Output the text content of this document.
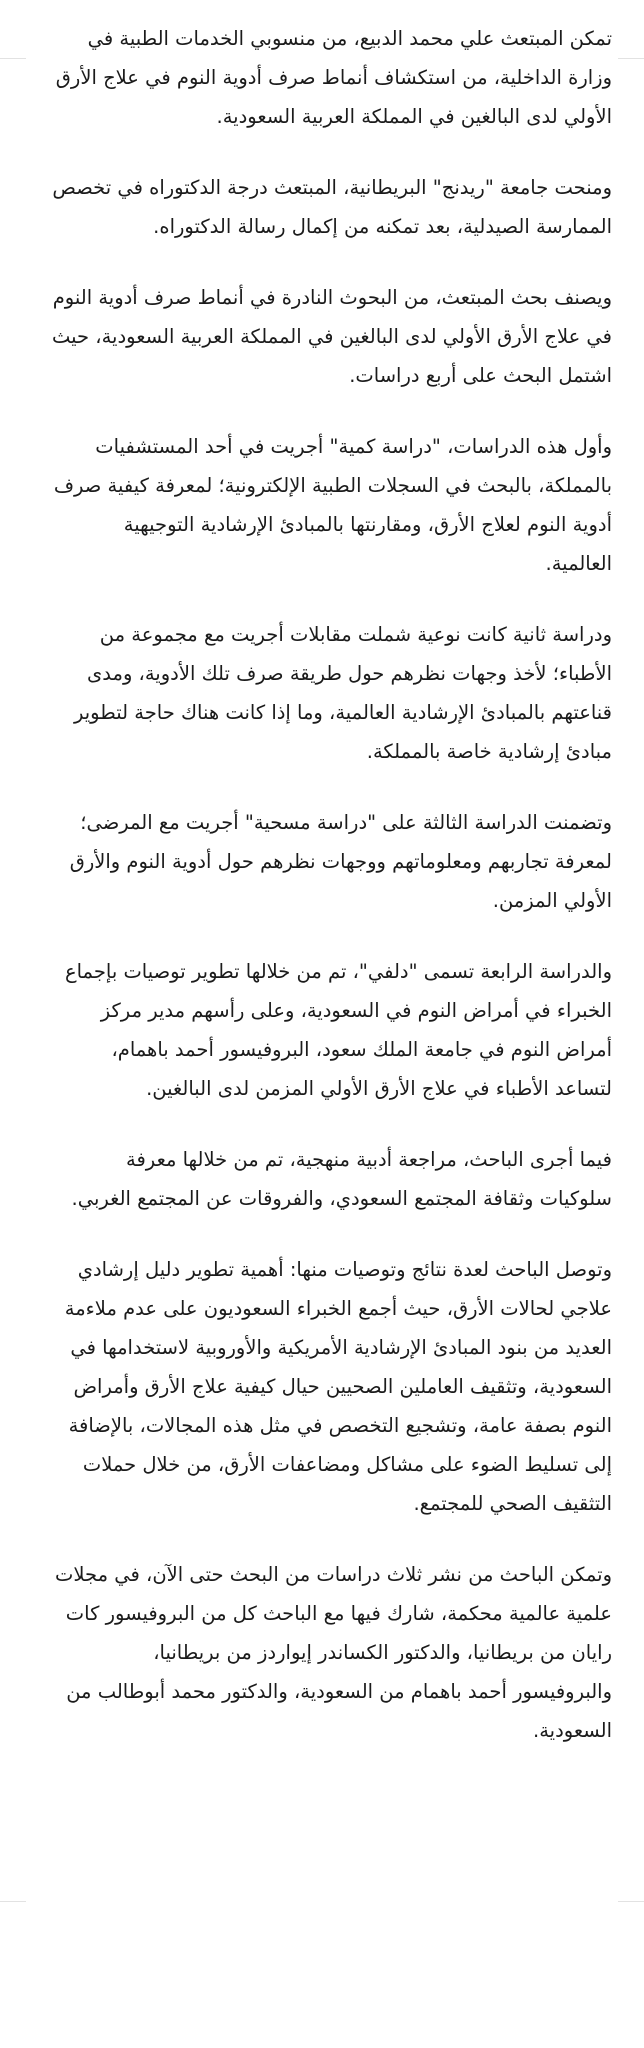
تمكن المبتعث علي محمد الدبيع، من منسوبي الخدمات الطبية في وزارة الداخلية، من استكشاف أنماط صرف أدوية النوم في علاج الأرق الأولي لدى البالغين في المملكة العربية السعودية.

ومنحت جامعة "ريدنج" البريطانية، المبتعث درجة الدكتوراه في تخصص الممارسة الصيدلية، بعد تمكنه من إكمال رسالة الدكتوراه.

ويصنف بحث المبتعث، من البحوث النادرة في أنماط صرف أدوية النوم في علاج الأرق الأولي لدى البالغين في المملكة العربية السعودية، حيث اشتمل البحث على أربع دراسات.

وأول هذه الدراسات، "دراسة كمية" أجريت في أحد المستشفيات بالمملكة، بالبحث في السجلات الطبية الإلكترونية؛ لمعرفة كيفية صرف أدوية النوم لعلاج الأرق، ومقارنتها بالمبادئ الإرشادية التوجيهية العالمية.

ودراسة ثانية كانت نوعية شملت مقابلات أجريت مع مجموعة من الأطباء؛ لأخذ وجهات نظرهم حول طريقة صرف تلك الأدوية، ومدى قناعتهم بالمبادئ الإرشادية العالمية، وما إذا كانت هناك حاجة لتطوير مبادئ إرشادية خاصة بالمملكة.

وتضمنت الدراسة الثالثة على "دراسة مسحية" أجريت مع المرضى؛ لمعرفة تجاربهم ومعلوماتهم ووجهات نظرهم حول أدوية النوم والأرق الأولي المزمن.

والدراسة الرابعة تسمى "دلفي"، تم من خلالها تطوير توصيات بإجماع الخبراء في أمراض النوم في السعودية، وعلى رأسهم مدير مركز أمراض النوم في جامعة الملك سعود، البروفيسور أحمد باهمام، لتساعد الأطباء في علاج الأرق الأولي المزمن لدى البالغين.

فيما أجرى الباحث، مراجعة أدبية منهجية، تم من خلالها معرفة سلوكيات وثقافة المجتمع السعودي، والفروقات عن المجتمع الغربي.

وتوصل الباحث لعدة نتائج وتوصيات منها: أهمية تطوير دليل إرشادي علاجي لحالات الأرق، حيث أجمع الخبراء السعوديون على عدم ملاءمة العديد من بنود المبادئ الإرشادية الأمريكية والأوروبية لاستخدامها في السعودية، وتثقيف العاملين الصحيين حيال كيفية علاج الأرق وأمراض النوم بصفة عامة، وتشجيع التخصص في مثل هذه المجالات، بالإضافة إلى تسليط الضوء على مشاكل ومضاعفات الأرق، من خلال حملات التثقيف الصحي للمجتمع.

وتمكن الباحث من نشر ثلاث دراسات من البحث حتى الآن، في مجلات علمية عالمية محكمة، شارك فيها مع الباحث كل من البروفيسور كات رايان من بريطانيا، والدكتور الكساندر إيواردز من بريطانيا، والبروفيسور أحمد باهمام من السعودية، والدكتور محمد أبوطالب من السعودية.
